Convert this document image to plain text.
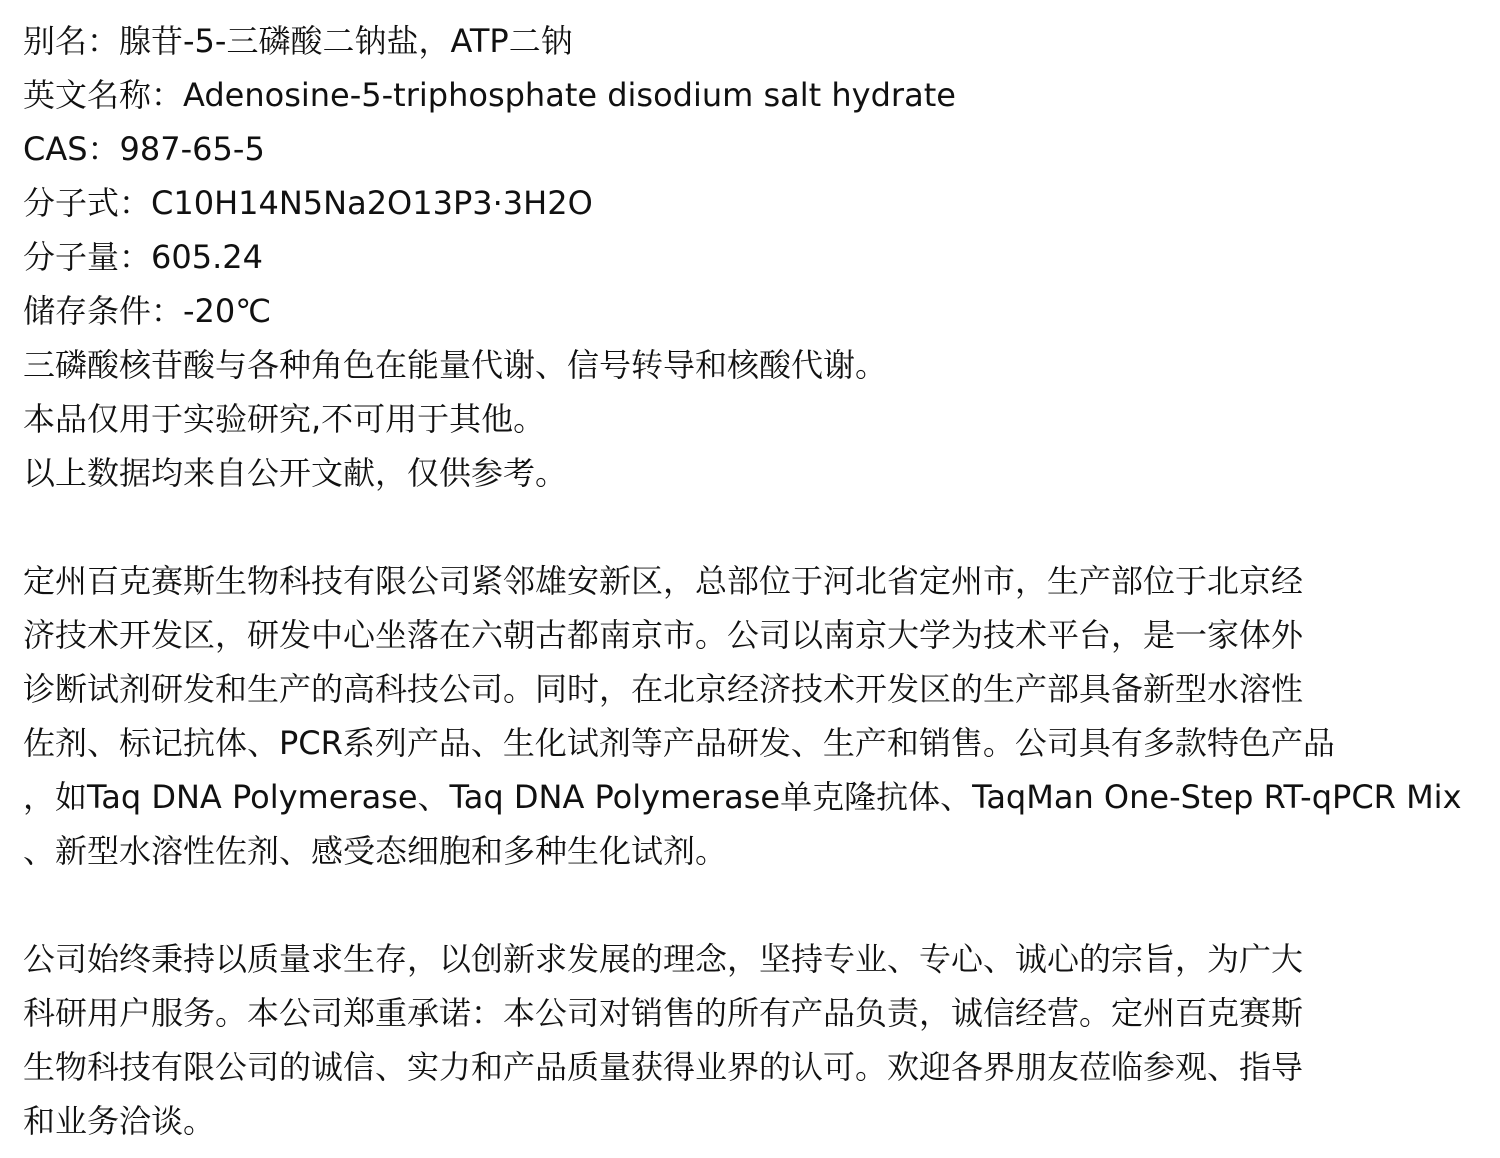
别名：腺苷-5-三磷酸二钠盐，ATP二钠
英文名称：Adenosine-5-triphosphate disodium salt hydrate
CAS：987-65-5
分子式：C10H14N5Na2O13P3·3H2O
分子量：605.24
储存条件：-20℃
三磷酸核苷酸与各种角色在能量代谢、信号转导和核酸代谢。
本品仅用于实验研究,不可用于其他。
以上数据均来自公开文献，仅供参考。
定州百克赛斯生物科技有限公司紧邻雄安新区，总部位于河北省定州市，生产部位于北京经
济技术开发区，研发中心坐落在六朝古都南京市。公司以南京大学为技术平台，是一家体外
诊断试剂研发和生产的高科技公司。同时，在北京经济技术开发区的生产部具备新型水溶性
佐剂、标记抗体、PCR系列产品、生化试剂等产品研发、生产和销售。公司具有多款特色产品
，如Taq DNA Polymerase、Taq DNA Polymerase单克隆抗体、TaqMan One-Step RT-qPCR Mix
、新型水溶性佐剂、感受态细胞和多种生化试剂。
公司始终秉持以质量求生存，以创新求发展的理念，坚持专业、专心、诚心的宗旨，为广大
科研用户服务。本公司郑重承诺：本公司对销售的所有产品负责，诚信经营。定州百克赛斯
生物科技有限公司的诚信、实力和产品质量获得业界的认可。欢迎各界朋友莅临参观、指导
和业务洽谈。
